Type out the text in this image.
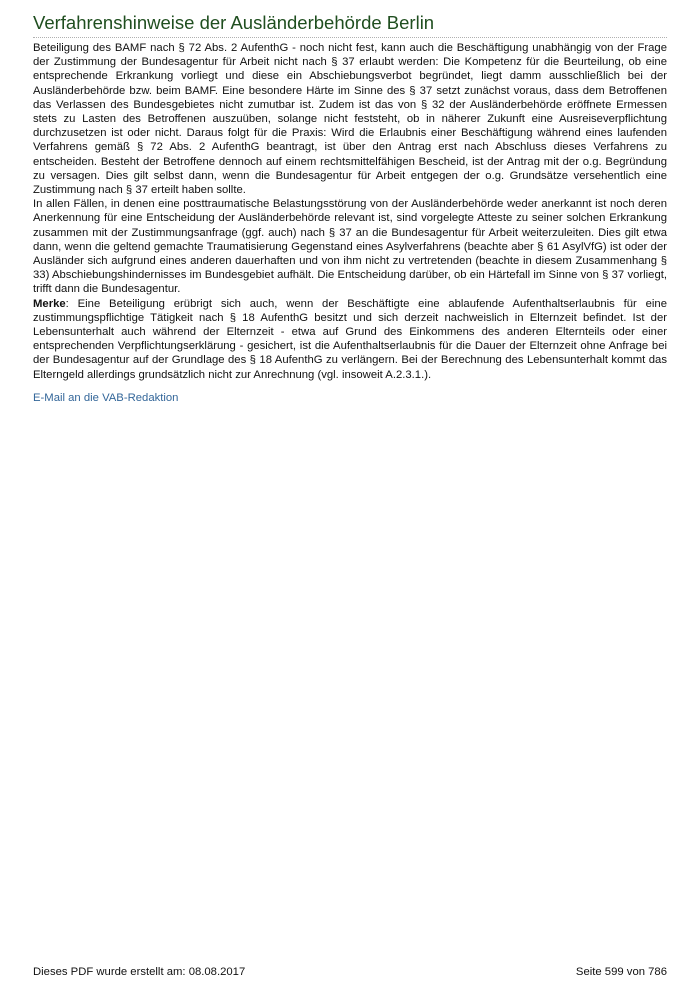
Verfahrenshinweise der Ausländerbehörde Berlin

Beteiligung des BAMF nach § 72 Abs. 2 AufenthG - noch nicht fest, kann auch die Beschäftigung unabhängig von der Frage der Zustimmung der Bundesagentur für Arbeit nicht nach § 37 erlaubt werden: Die Kompetenz für die Beurteilung, ob eine entsprechende Erkrankung vorliegt und diese ein Abschiebungsverbot begründet, liegt damm ausschließlich bei der Ausländerbehörde bzw. beim BAMF. Eine besondere Härte im Sinne des § 37 setzt zunächst voraus, dass dem Betroffenen das Verlassen des Bundesgebietes nicht zumutbar ist. Zudem ist das von § 32 der Ausländerbehörde eröffnete Ermessen stets zu Lasten des Betroffenen auszuüben, solange nicht feststeht, ob in näherer Zukunft eine Ausreiseverpflichtung durchzusetzen ist oder nicht. Daraus folgt für die Praxis: Wird die Erlaubnis einer Beschäftigung während eines laufenden Verfahrens gemäß § 72 Abs. 2 AufenthG beantragt, ist über den Antrag erst nach Abschluss dieses Verfahrens zu entscheiden. Besteht der Betroffene dennoch auf einem rechtsmittelfähigen Bescheid, ist der Antrag mit der o.g. Begründung zu versagen. Dies gilt selbst dann, wenn die Bundesagentur für Arbeit entgegen der o.g. Grundsätze versehentlich eine Zustimmung nach § 37 erteilt haben sollte.

In allen Fällen, in denen eine posttraumatische Belastungsstörung von der Ausländerbehörde weder anerkannt ist noch deren Anerkennung für eine Entscheidung der Ausländerbehörde relevant ist, sind vorgelegte Atteste zu seiner solchen Erkrankung zusammen mit der Zustimmungsanfrage (ggf. auch) nach § 37 an die Bundesagentur für Arbeit weiterzuleiten. Dies gilt etwa dann, wenn die geltend gemachte Traumatisierung Gegenstand eines Asylverfahrens (beachte aber § 61 AsylVfG) ist oder der Ausländer sich aufgrund eines anderen dauerhaften und von ihm nicht zu vertretenden (beachte in diesem Zusammenhang § 33) Abschiebungshindernisses im Bundesgebiet aufhält. Die Entscheidung darüber, ob ein Härtefall im Sinne von § 37 vorliegt, trifft dann die Bundesagentur.

Merke: Eine Beteiligung erübrigt sich auch, wenn der Beschäftigte eine ablaufende Aufenthaltserlaubnis für eine zustimmungspflichtige Tätigkeit nach § 18 AufenthG besitzt und sich derzeit nachweislich in Elternzeit befindet. Ist der Lebensunterhalt auch während der Elternzeit - etwa auf Grund des Einkommens des anderen Elternteils oder einer entsprechenden Verpflichtungserklärung - gesichert, ist die Aufenthaltserlaubnis für die Dauer der Elternzeit ohne Anfrage bei der Bundesagentur auf der Grundlage des § 18 AufenthG zu verlängern. Bei der Berechnung des Lebensunterhalt kommt das Elterngeld allerdings grundsätzlich nicht zur Anrechnung (vgl. insoweit A.2.3.1.).

E-Mail an die VAB-Redaktion
Dieses PDF wurde erstellt am: 08.08.2017	Seite 599 von 786
